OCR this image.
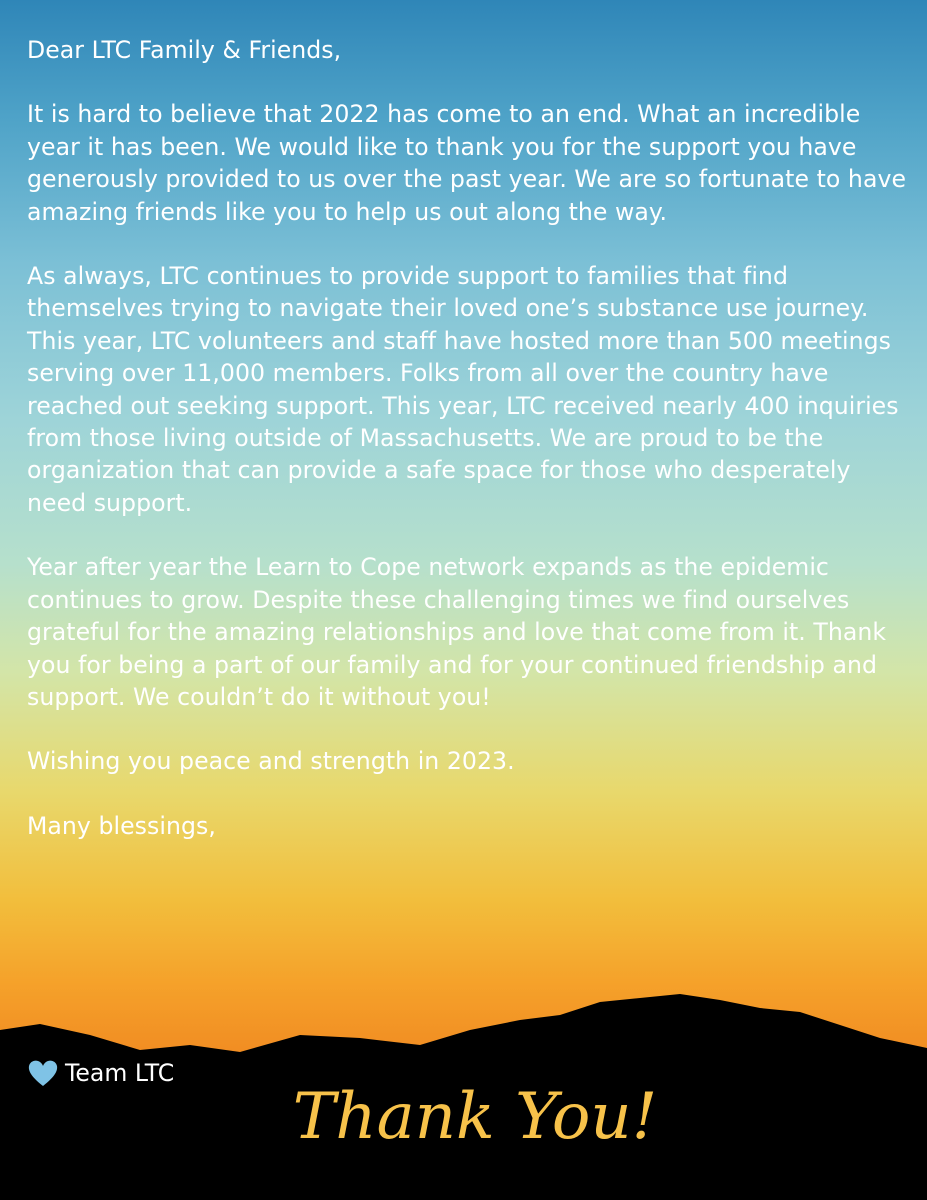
Dear LTC Family & Friends,

It is hard to believe that 2022 has come to an end. What an incredible year it has been. We would like to thank you for the support you have generously provided to us over the past year. We are so fortunate to have amazing friends like you to help us out along the way.

As always, LTC continues to provide support to families that find themselves trying to navigate their loved one’s substance use journey. This year, LTC volunteers and staff have hosted more than 500 meetings serving over 11,000 members. Folks from all over the country have reached out seeking support. This year, LTC received nearly 400 inquiries from those living outside of Massachusetts. We are proud to be the organization that can provide a safe space for those who desperately need support.

Year after year the Learn to Cope network expands as the epidemic continues to grow. Despite these challenging times we find ourselves grateful for the amazing relationships and love that come from it. Thank you for being a part of our family and for your continued friendship and support. We couldn’t do it without you!

Wishing you peace and strength in 2023.

Many blessings,

Team LTC
Thank You!
